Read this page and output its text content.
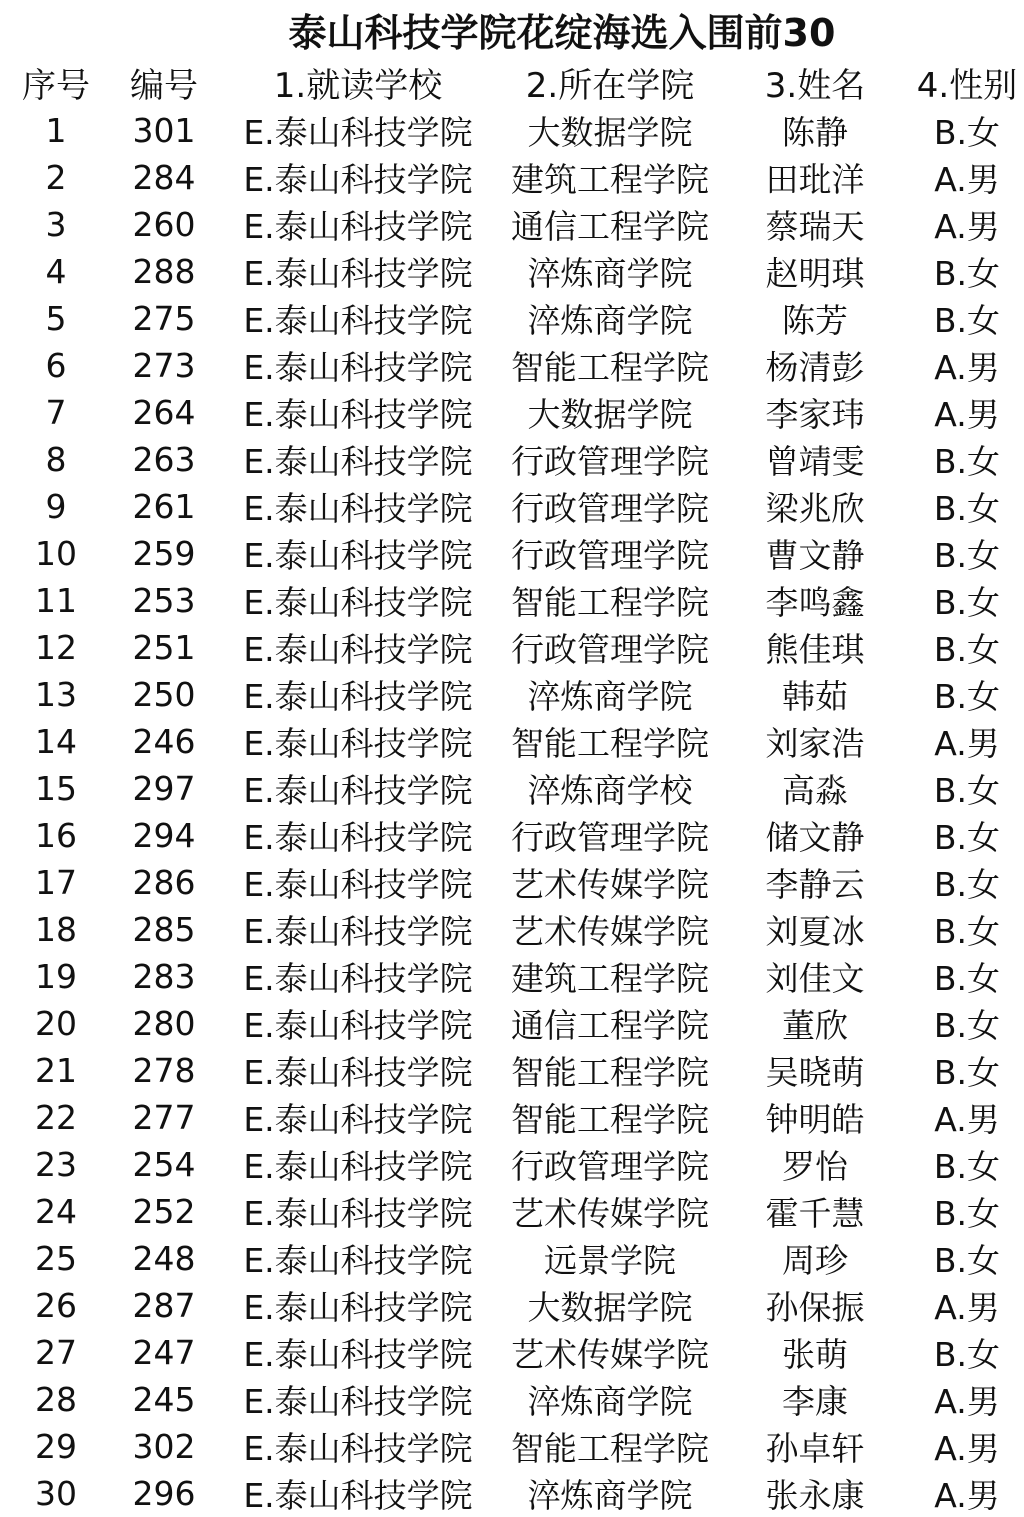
泰山科技学院花绽海选入围前30
序号	编号	1.就读学校	2.所在学院	3.姓名	4.性别
1	301	E.泰山科技学院	大数据学院	陈静	B.女
2	284	E.泰山科技学院	建筑工程学院	田玭洋	A.男
3	260	E.泰山科技学院	通信工程学院	蔡瑞天	A.男
4	288	E.泰山科技学院	淬炼商学院	赵明琪	B.女
5	275	E.泰山科技学院	淬炼商学院	陈芳	B.女
6	273	E.泰山科技学院	智能工程学院	杨清彭	A.男
7	264	E.泰山科技学院	大数据学院	李家玮	A.男
8	263	E.泰山科技学院	行政管理学院	曾靖雯	B.女
9	261	E.泰山科技学院	行政管理学院	梁兆欣	B.女
10	259	E.泰山科技学院	行政管理学院	曹文静	B.女
11	253	E.泰山科技学院	智能工程学院	李鸣鑫	B.女
12	251	E.泰山科技学院	行政管理学院	熊佳琪	B.女
13	250	E.泰山科技学院	淬炼商学院	韩茹	B.女
14	246	E.泰山科技学院	智能工程学院	刘家浩	A.男
15	297	E.泰山科技学院	淬炼商学校	高淼	B.女
16	294	E.泰山科技学院	行政管理学院	储文静	B.女
17	286	E.泰山科技学院	艺术传媒学院	李静云	B.女
18	285	E.泰山科技学院	艺术传媒学院	刘夏冰	B.女
19	283	E.泰山科技学院	建筑工程学院	刘佳文	B.女
20	280	E.泰山科技学院	通信工程学院	董欣	B.女
21	278	E.泰山科技学院	智能工程学院	吴晓萌	B.女
22	277	E.泰山科技学院	智能工程学院	钟明皓	A.男
23	254	E.泰山科技学院	行政管理学院	罗怡	B.女
24	252	E.泰山科技学院	艺术传媒学院	霍千慧	B.女
25	248	E.泰山科技学院	远景学院	周珍	B.女
26	287	E.泰山科技学院	大数据学院	孙保振	A.男
27	247	E.泰山科技学院	艺术传媒学院	张萌	B.女
28	245	E.泰山科技学院	淬炼商学院	李康	A.男
29	302	E.泰山科技学院	智能工程学院	孙卓轩	A.男
30	296	E.泰山科技学院	淬炼商学院	张永康	A.男
